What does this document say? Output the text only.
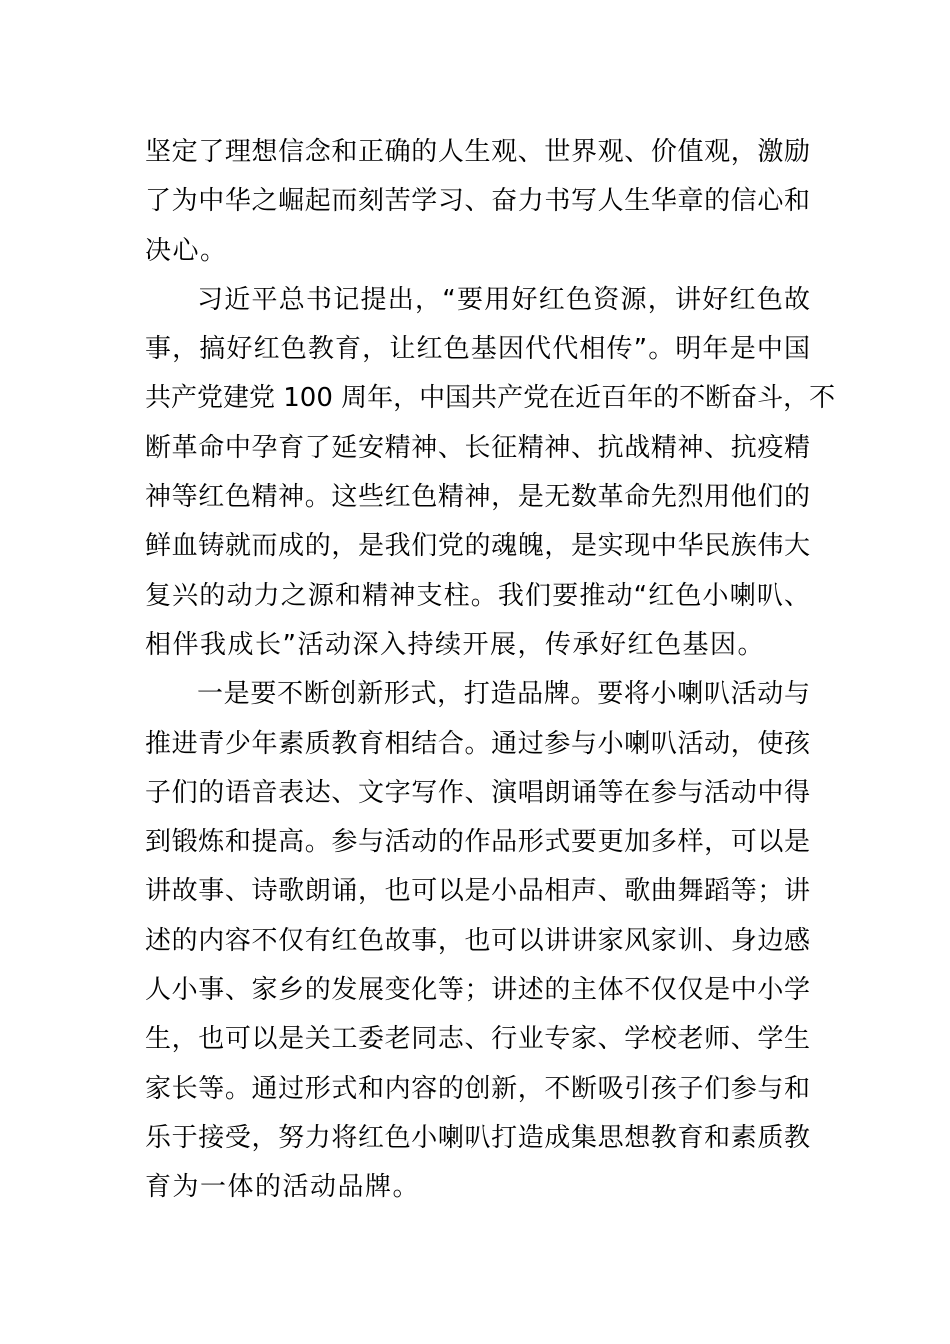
坚定了理想信念和正确的人生观、世界观、价值观，激励
了为中华之崛起而刻苦学习、奋力书写人生华章的信心和
决心。
习近平总书记提出，“要用好红色资源，讲好红色故
事，搞好红色教育，让红色基因代代相传”。明年是中国
共产党建党 100 周年，中国共产党在近百年的不断奋斗，不
断革命中孕育了延安精神、长征精神、抗战精神、抗疫精
神等红色精神。这些红色精神，是无数革命先烈用他们的
鲜血铸就而成的，是我们党的魂魄，是实现中华民族伟大
复兴的动力之源和精神支柱。我们要推动“红色小喇叭、
相伴我成长”活动深入持续开展，传承好红色基因。
一是要不断创新形式，打造品牌。要将小喇叭活动与
推进青少年素质教育相结合。通过参与小喇叭活动，使孩
子们的语音表达、文字写作、演唱朗诵等在参与活动中得
到锻炼和提高。参与活动的作品形式要更加多样，可以是
讲故事、诗歌朗诵，也可以是小品相声、歌曲舞蹈等；讲
述的内容不仅有红色故事，也可以讲讲家风家训、身边感
人小事、家乡的发展变化等；讲述的主体不仅仅是中小学
生，也可以是关工委老同志、行业专家、学校老师、学生
家长等。通过形式和内容的创新，不断吸引孩子们参与和
乐于接受，努力将红色小喇叭打造成集思想教育和素质教
育为一体的活动品牌。
